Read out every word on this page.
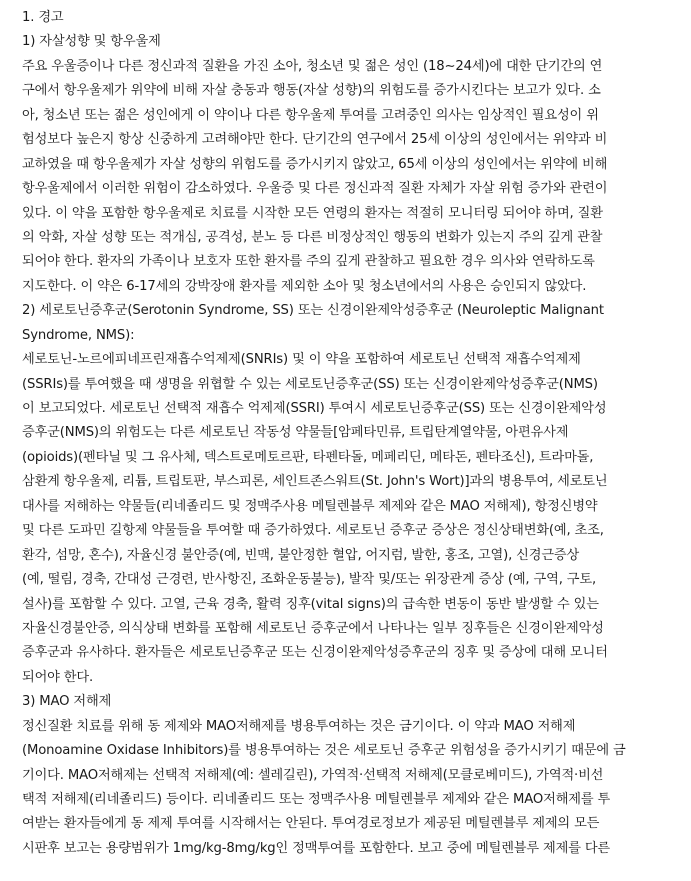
1. 경고
1) 자살성향 및 항우울제
주요 우울증이나 다른 정신과적 질환을 가진 소아, 청소년 및 젊은 성인 (18∼24세)에 대한 단기간의 연
구에서 항우울제가 위약에 비해 자살 충동과 행동(자살 성향)의 위험도를 증가시킨다는 보고가 있다. 소
아, 청소년 또는 젊은 성인에게 이 약이나 다른 항우울제 투여를 고려중인 의사는 임상적인 필요성이 위
험성보다 높은지 항상 신중하게 고려해야만 한다. 단기간의 연구에서 25세 이상의 성인에서는 위약과 비
교하였을 때 항우울제가 자살 성향의 위험도를 증가시키지 않았고, 65세 이상의 성인에서는 위약에 비해
항우울제에서 이러한 위험이 감소하였다. 우울증 및 다른 정신과적 질환 자체가 자살 위험 증가와 관련이
있다. 이 약을 포함한 항우울제로 치료를 시작한 모든 연령의 환자는 적절히 모니터링 되어야 하며, 질환
의 악화, 자살 성향 또는 적개심, 공격성, 분노 등 다른 비정상적인 행동의 변화가 있는지 주의 깊게 관찰
되어야 한다. 환자의 가족이나 보호자 또한 환자를 주의 깊게 관찰하고 필요한 경우 의사와 연락하도록
지도한다. 이 약은 6-17세의 강박장애 환자를 제외한 소아 및 청소년에서의 사용은 승인되지 않았다.
2) 세로토닌증후군(Serotonin Syndrome, SS) 또는 신경이완제악성증후군 (Neuroleptic Malignant
Syndrome, NMS):
세로토닌-노르에피네프린재흡수억제제(SNRIs) 및 이 약을 포함하여 세로토닌 선택적 재흡수억제제
(SSRIs)를 투여했을 때 생명을 위협할 수 있는 세로토닌증후군(SS) 또는 신경이완제악성증후군(NMS)
이 보고되었다. 세로토닌 선택적 재흡수 억제제(SSRI) 투여시 세로토닌증후군(SS) 또는 신경이완제악성
증후군(NMS)의 위험도는 다른 세로토닌 작동성 약물들[암페타민류, 트립탄계열약물, 아편유사제
(opioids)(펜타닐 및 그 유사체, 덱스트로메토르판, 타펜타돌, 메페리딘, 메타돈, 펜타조신), 트라마돌,
삼환계 항우울제, 리튬, 트립토판, 부스피론, 세인트존스워트(St. John's Wort)]과의 병용투여, 세로토닌
대사를 저해하는 약물들(리네졸리드 및 정맥주사용 메틸렌블루 제제와 같은 MAO 저해제), 항정신병약
및 다른 도파민 길항제 약물들을 투여할 때 증가하였다. 세로토닌 증후군 증상은 정신상태변화(예, 초조,
환각, 섬망, 혼수), 자율신경 불안증(예, 빈맥, 불안정한 혈압, 어지럼, 발한, 홍조, 고열), 신경근증상
(예, 떨림, 경축, 간대성 근경련, 반사항진, 조화운동불능), 발작 및/또는 위장관계 증상 (예, 구역, 구토,
설사)를 포함할 수 있다. 고열, 근육 경축, 활력 징후(vital signs)의 급속한 변동이 동반 발생할 수 있는
자율신경불안증, 의식상태 변화를 포함해 세로토닌 증후군에서 나타나는 일부 징후들은 신경이완제악성
증후군과 유사하다. 환자들은 세로토닌증후군 또는 신경이완제악성증후군의 징후 및 증상에 대해 모니터
되어야 한다.
3) MAO 저해제
정신질환 치료를 위해 동 제제와 MAO저해제를 병용투여하는 것은 금기이다. 이 약과 MAO 저해제
(Monoamine Oxidase Inhibitors)를 병용투여하는 것은 세로토닌 증후군 위험성을 증가시키기 때문에 금
기이다. MAO저해제는 선택적 저해제(예: 셀레길린), 가역적·선택적 저해제(모클로베미드), 가역적·비선
택적 저해제(리네졸리드) 등이다. 리네졸리드 또는 정맥주사용 메틸렌블루 제제와 같은 MAO저해제를 투
여받는 환자들에게 동 제제 투여를 시작해서는 안된다. 투여경로정보가 제공된 메틸렌블루 제제의 모든
시판후 보고는 용량범위가 1mg/kg-8mg/kg인 정맥투여를 포함한다. 보고 중에 메틸렌블루 제제를 다른
